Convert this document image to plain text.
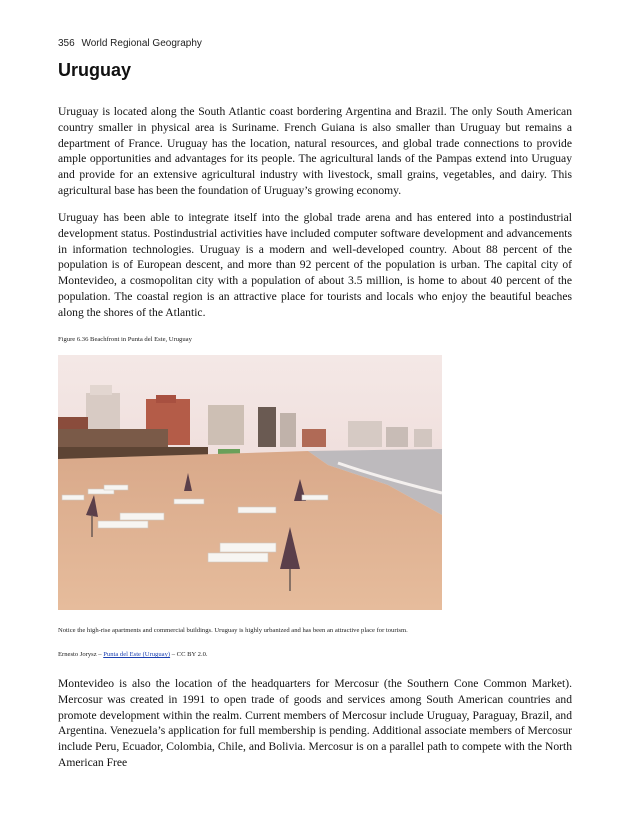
356 World Regional Geography
Uruguay

Uruguay is located along the South Atlantic coast bordering Argentina and Brazil. The only South American country smaller in physical area is Suriname. French Guiana is also smaller than Uruguay but remains a department of France. Uruguay has the location, natural resources, and global trade connections to provide ample opportunities and advantages for its people. The agricultural lands of the Pampas extend into Uruguay and provide for an extensive agricultural industry with livestock, small grains, vegetables, and dairy. This agricultural base has been the foundation of Uruguay’s growing economy.

Uruguay has been able to integrate itself into the global trade arena and has entered into a postindustrial development status. Postindustrial activities have included computer software development and advancements in information technologies. Uruguay is a modern and well-developed country. About 88 percent of the population is of European descent, and more than 92 percent of the population is urban. The capital city of Montevideo, a cosmopolitan city with a population of about 3.5 million, is home to about 40 percent of the population. The coastal region is an attractive place for tourists and locals who enjoy the beautiful beaches along the shores of the Atlantic.

Figure 6.36 Beachfront in Punta del Este, Uruguay
Notice the high-rise apartments and commercial buildings. Uruguay is highly urbanized and has been an attractive place for tourism.
Ernesto Jorysz – Punta del Este (Uruguay) – CC BY 2.0.

Montevideo is also the location of the headquarters for Mercosur (the Southern Cone Common Market). Mercosur was created in 1991 to open trade of goods and services among South American countries and promote development within the realm. Current members of Mercosur include Uruguay, Paraguay, Brazil, and Argentina. Venezuela’s application for full membership is pending. Additional associate members of Mercosur include Peru, Ecuador, Colombia, Chile, and Bolivia. Mercosur is on a parallel path to compete with the North American Free
